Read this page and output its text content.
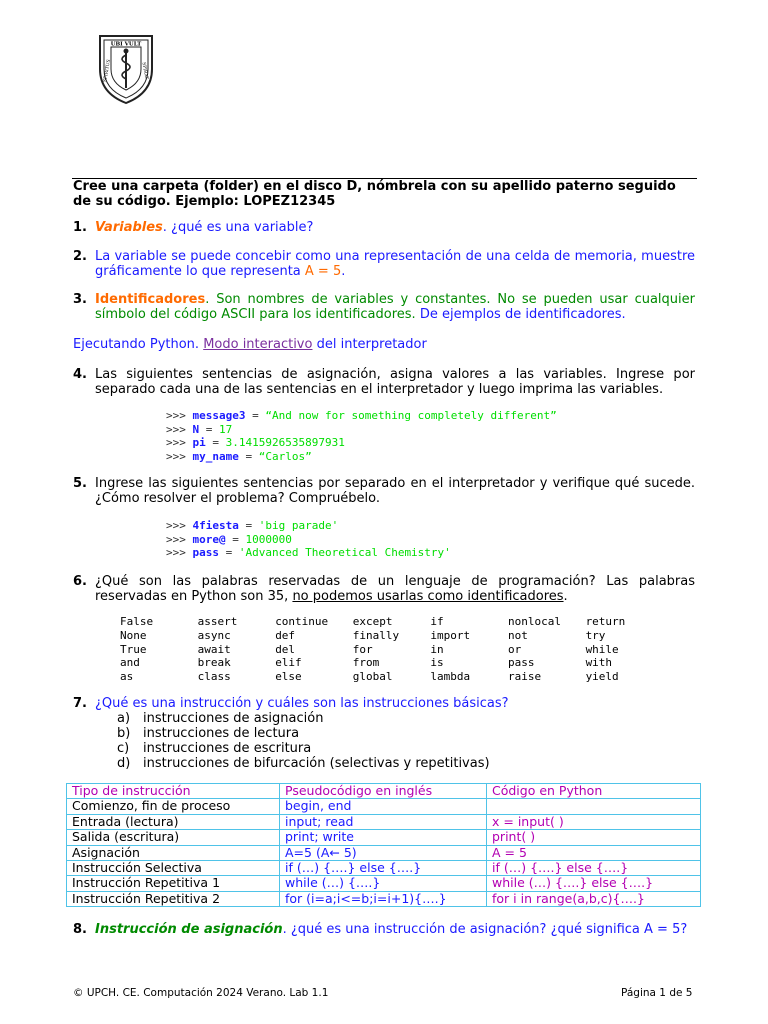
UBI VULT
SPIRITUS	SPIRAT
Cree una carpeta (folder) en el disco D, nómbrela con su apellido paterno seguido de su código. Ejemplo: LOPEZ12345
1. Variables. ¿qué es una variable?
2. La variable se puede concebir como una representación de una celda de memoria, muestre gráficamente lo que representa A = 5.
3. Identificadores. Son nombres de variables y constantes. No se pueden usar cualquier símbolo del código ASCII para los identificadores. De ejemplos de identificadores.
Ejecutando Python. Modo interactivo del interpretador
4. Las siguientes sentencias de asignación, asigna valores a las variables. Ingrese por separado cada una de las sentencias en el interpretador y luego imprima las variables.
>>> message3 = “And now for something completely different”
>>> N = 17
>>> pi = 3.1415926535897931
>>> my_name = “Carlos”
5. Ingrese las siguientes sentencias por separado en el interpretador y verifique qué sucede. ¿Cómo resolver el problema? Compruébelo.
>>> 4fiesta = 'big parade'
>>> more@ = 1000000
>>> pass = 'Advanced Theoretical Chemistry'
6. ¿Qué son las palabras reservadas de un lenguaje de programación? Las palabras reservadas en Python son 35, no podemos usarlas como identificadores.
False	assert	continue	except	if	nonlocal	return
None	async	def	finally	import	not	try
True	await	del	for	in	or	while
and	break	elif	from	is	pass	with
as	class	else	global	lambda	raise	yield
7. ¿Qué es una instrucción y cuáles son las instrucciones básicas?
a) instrucciones de asignación
b) instrucciones de lectura
c) instrucciones de escritura
d) instrucciones de bifurcación (selectivas y repetitivas)
Tipo de instrucción	Pseudocódigo en inglés	Código en Python
Comienzo, fin de proceso	begin, end	
Entrada (lectura)	input; read	x = input( )
Salida (escritura)	print; write	print( )
Asignación	A=5 (A← 5)	A = 5
Instrucción Selectiva	if (…) {….} else {….}	if (…) {….} else {….}
Instrucción Repetitiva 1	while (…) {….}	while (…) {….} else {….}
Instrucción Repetitiva 2	for (i=a;i<=b;i=i+1){….}	for i in range(a,b,c){….}
8. Instrucción de asignación. ¿qué es una instrucción de asignación? ¿qué significa A = 5?
© UPCH. CE. Computación 2024 Verano. Lab 1.1	Página 1 de 5
